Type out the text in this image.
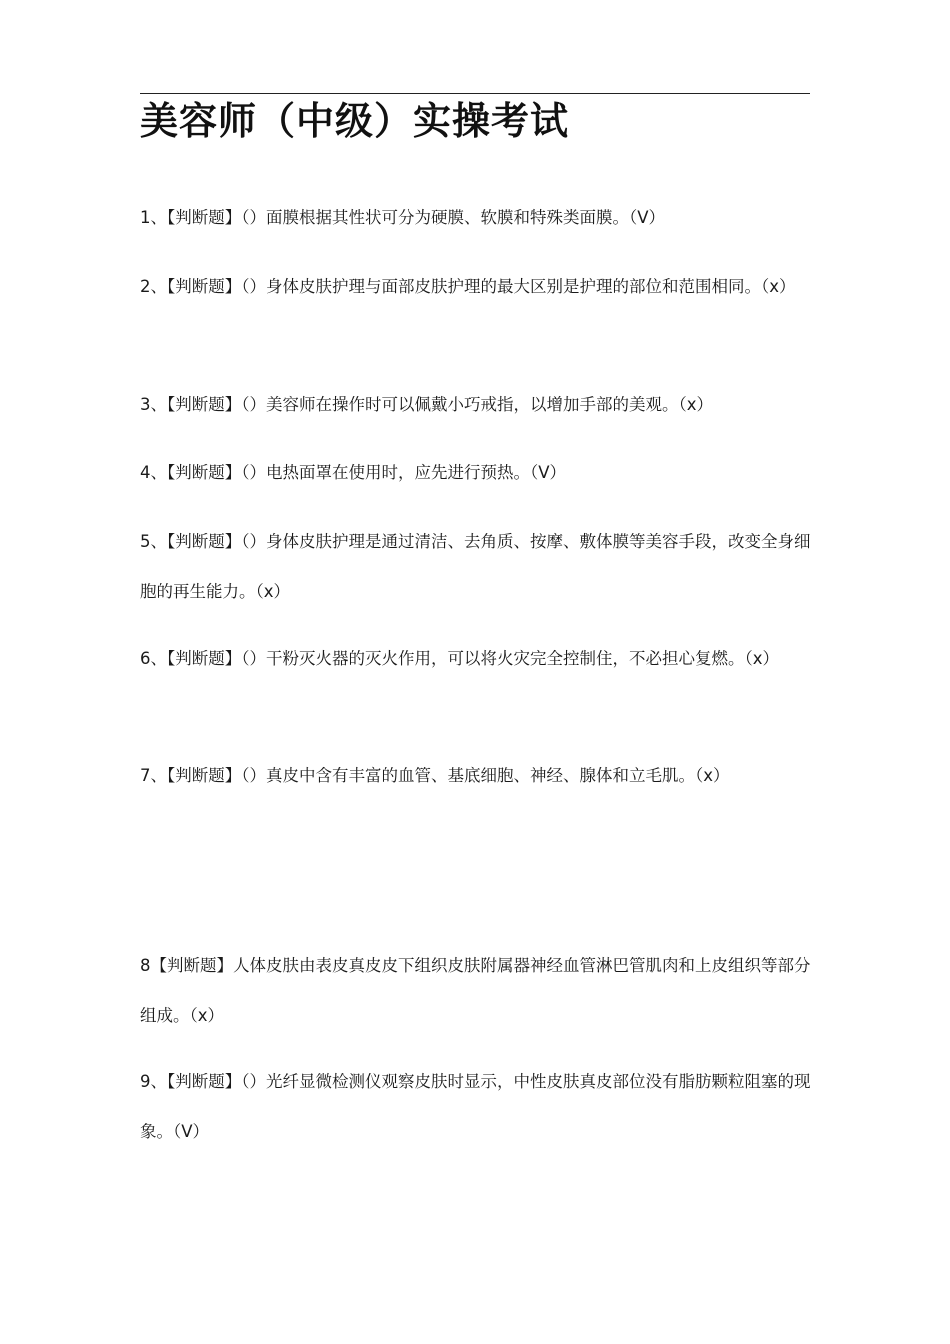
美容师（中级）实操考试
1、【判断题】（）面膜根据其性状可分为硬膜、软膜和特殊类面膜。（V）
2、【判断题】（）身体皮肤护理与面部皮肤护理的最大区别是护理的部位和范围相同。（x）
3、【判断题】（）美容师在操作时可以佩戴小巧戒指，以增加手部的美观。（x）
4、【判断题】（）电热面罩在使用时，应先进行预热。（V）
5、【判断题】（）身体皮肤护理是通过清洁、去角质、按摩、敷体膜等美容手段，改变全身细胞的再生能力。（x）
6、【判断题】（）干粉灭火器的灭火作用，可以将火灾完全控制住，不必担心复燃。（x）
7、【判断题】（）真皮中含有丰富的血管、基底细胞、神经、腺体和立毛肌。（x）
8【判断题】人体皮肤由表皮真皮皮下组织皮肤附属器神经血管淋巴管肌肉和上皮组织等部分组成。（x）
9、【判断题】（）光纤显微检测仪观察皮肤时显示，中性皮肤真皮部位没有脂肪颗粒阻塞的现象。（V）
